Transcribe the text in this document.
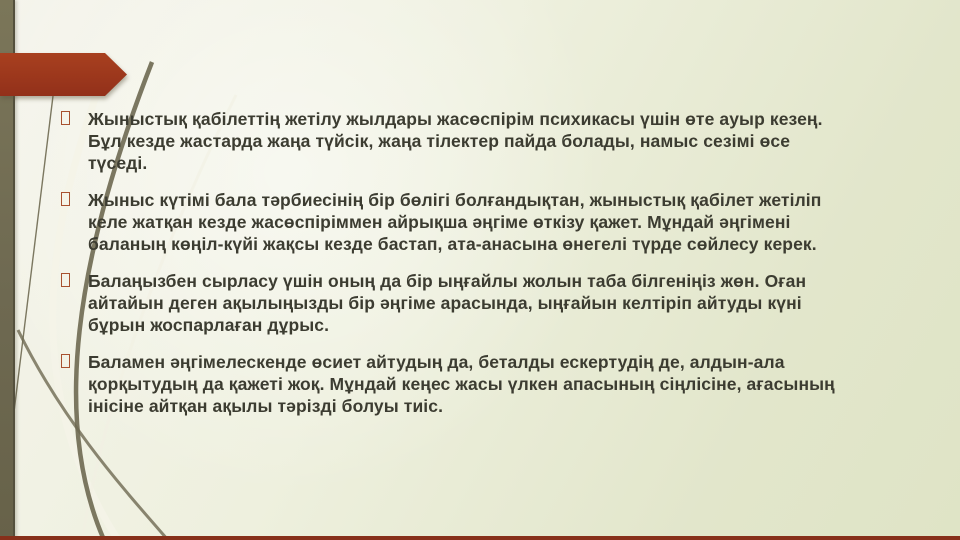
Жыныстық қабілеттің жетілу жылдары жасөспірім психикасы үшін өте ауыр кезең. Бұл кезде жастарда жаңа түйсік, жаңа тілектер пайда болады, намыс сезімі өсе түседі.
Жыныс күтімі бала тәрбиесінің бір бөлігі болғандықтан, жыныстық қабілет жетіліп келе жатқан кезде жасөспіріммен айрықша әңгіме өткізу қажет. Мұндай әңгімені баланың көңіл-күйі жақсы кезде бастап, ата-анасына өнегелі түрде сөйлесу керек.
Балаңызбен сырласу үшін оның да бір ыңғайлы жолын таба білгеніңіз жөн. Оған айтайын деген ақылыңызды бір әңгіме арасында, ыңғайын келтіріп айтуды күні бұрын жоспарлаған дұрыс.
Баламен әңгімелескенде өсиет айтудың да, беталды ескертудің де, алдын-ала қорқытудың да қажеті жоқ. Мұндай кеңес жасы үлкен апасының сіңлісіне, ағасының інісіне айтқан ақылы тәрізді болуы тиіс.
